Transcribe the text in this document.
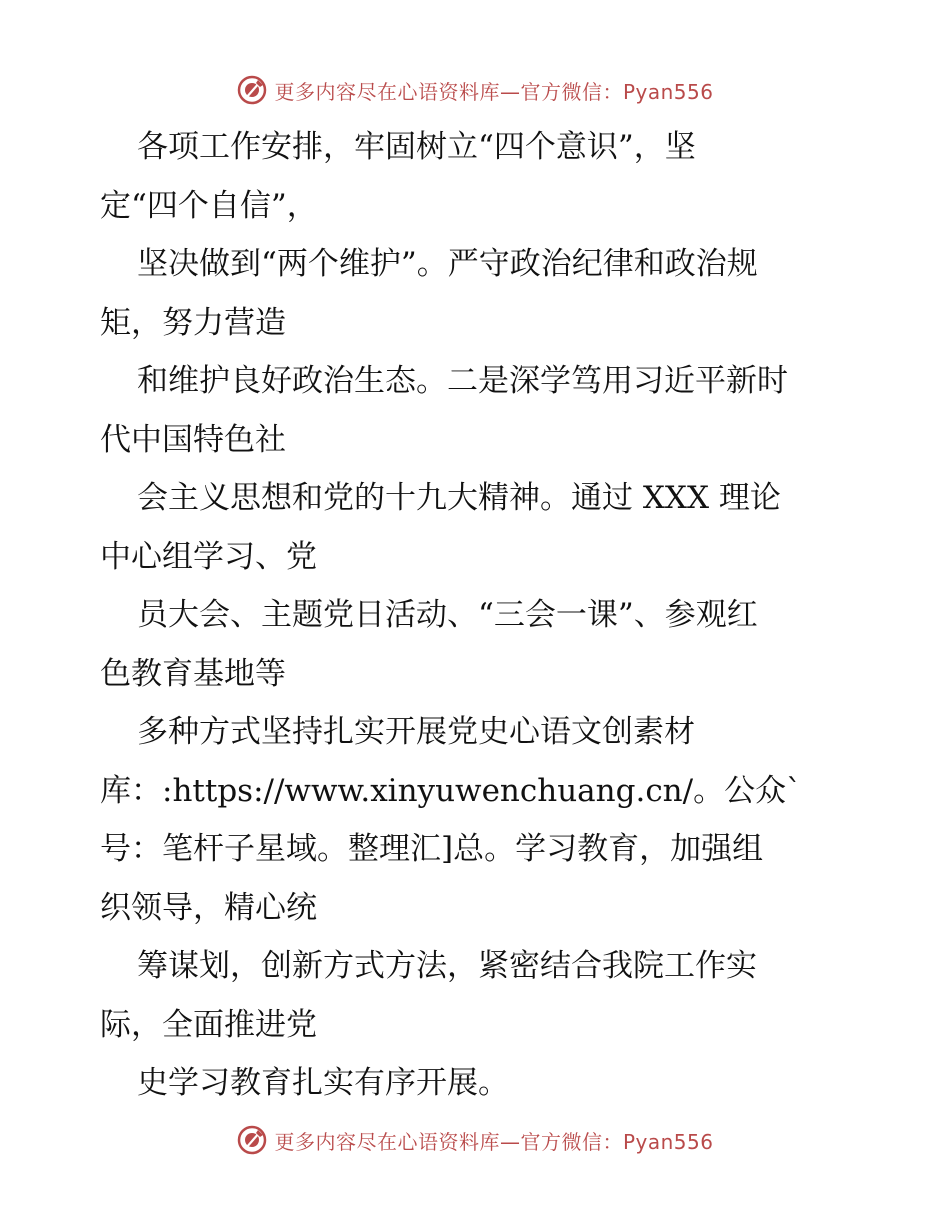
更多内容尽在心语资料库—官方微信：Pyan556
各项工作安排，牢固树立“四个意识”，坚
定“四个自信”，
坚决做到“两个维护”。严守政治纪律和政治规
矩，努力营造
和维护良好政治生态。二是深学笃用习近平新时
代中国特色社
会主义思想和党的十九大精神。通过 XXX 理论
中心组学习、党
员大会、主题党日活动、“三会一课”、参观红
色教育基地等
多种方式坚持扎实开展党史心语文创素材
库：:https://www.xinyuwenchuang.cn/。公众`
号：笔杆子星域。整理汇]总。学习教育，加强组
织领导，精心统
筹谋划，创新方式方法，紧密结合我院工作实
际，全面推进党
史学习教育扎实有序开展。
更多内容尽在心语资料库—官方微信：Pyan556
